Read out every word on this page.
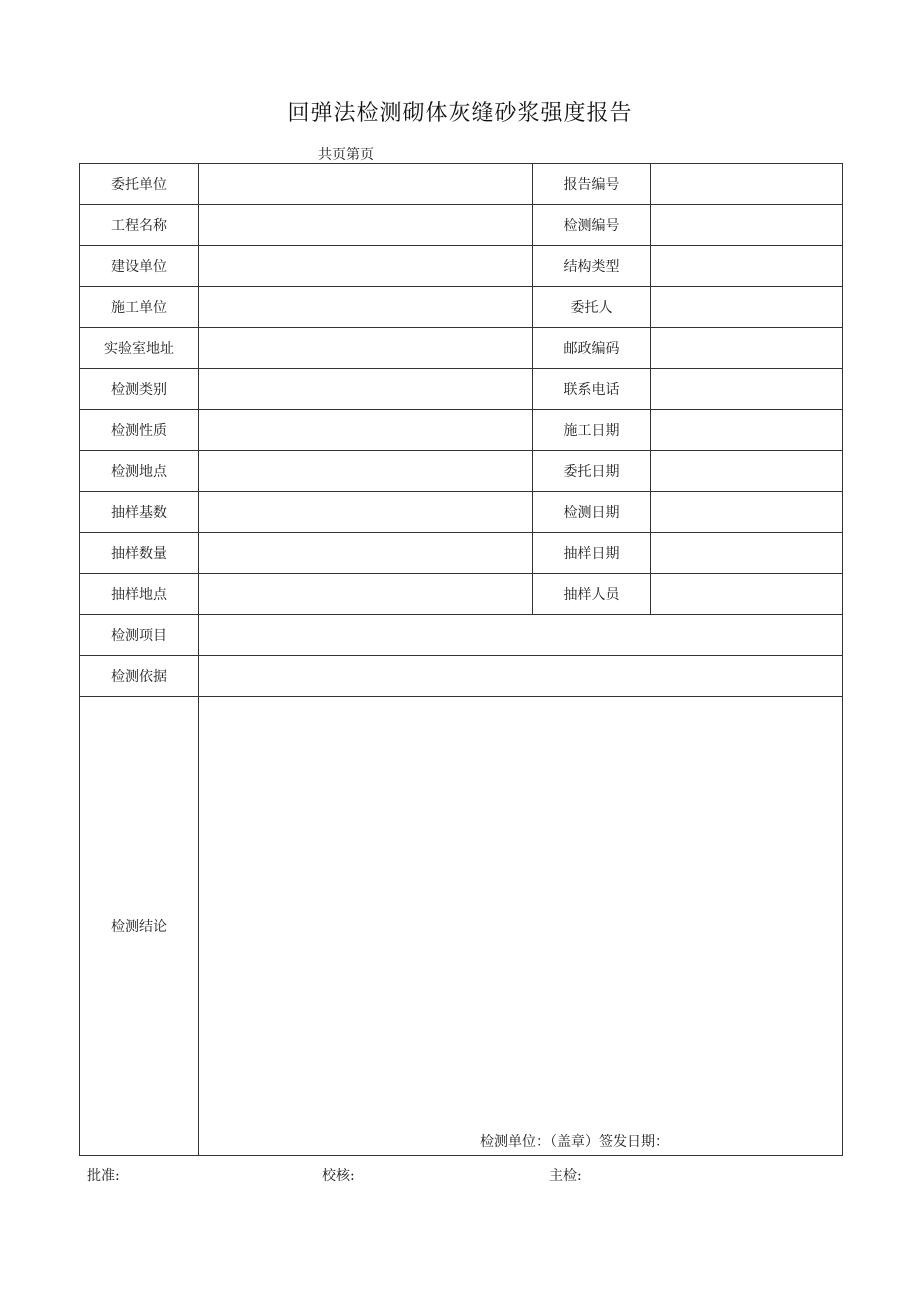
回弹法检测砌体灰缝砂浆强度报告
共页第页
委托单位		报告编号	
工程名称		检测编号	
建设单位		结构类型	
施工单位		委托人	
实验室地址		邮政编码	
检测类别		联系电话	
检测性质		施工日期	
检测地点		委托日期	
抽样基数		检测日期	
抽样数量		抽样日期	
抽样地点		抽样人员	
检测项目			
检测依据			
检测结论	检测单位：（盖章）签发日期：		
批准:	校核:	主检:
